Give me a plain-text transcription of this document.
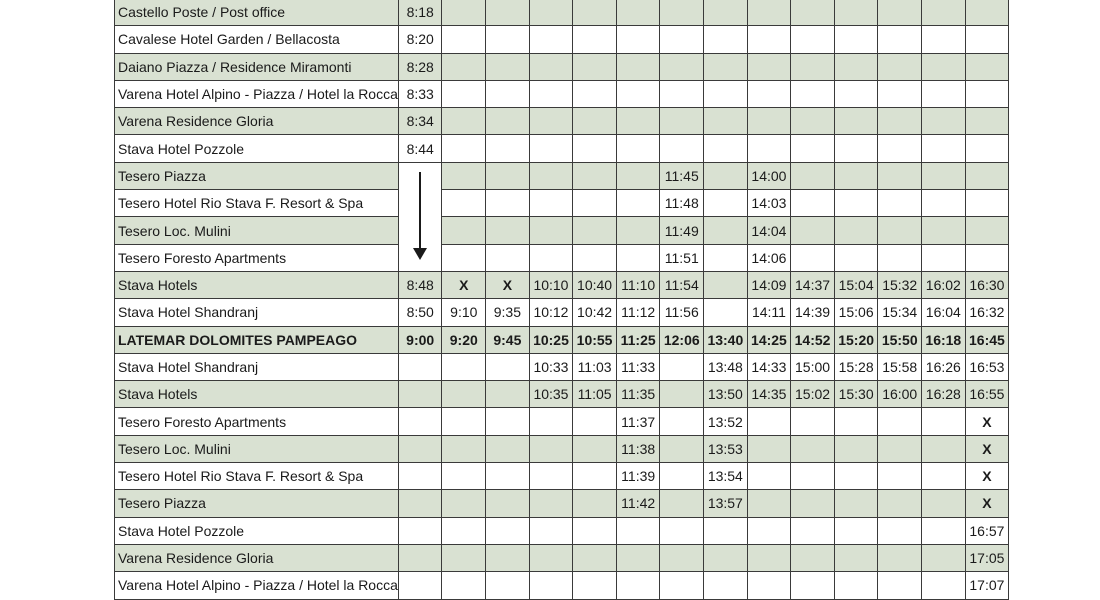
Castello Poste / Post office	8:18													
Cavalese Hotel Garden / Bellacosta	8:20													
Daiano Piazza / Residence Miramonti	8:28													
Varena Hotel Alpino - Piazza / Hotel la Rocca	8:33													
Varena Residence Gloria	8:34													
Stava Hotel Pozzole	8:44													
Tesero Piazza							11:45		14:00					
Tesero Hotel Rio Stava F. Resort & Spa							11:48		14:03					
Tesero Loc. Mulini							11:49		14:04					
Tesero Foresto Apartments							11:51		14:06					
Stava Hotels	8:48	X	X	10:10	10:40	11:10	11:54		14:09	14:37	15:04	15:32	16:02	16:30
Stava Hotel Shandranj	8:50	9:10	9:35	10:12	10:42	11:12	11:56		14:11	14:39	15:06	15:34	16:04	16:32
LATEMAR DOLOMITES PAMPEAGO	9:00	9:20	9:45	10:25	10:55	11:25	12:06	13:40	14:25	14:52	15:20	15:50	16:18	16:45
Stava Hotel Shandranj				10:33	11:03	11:33		13:48	14:33	15:00	15:28	15:58	16:26	16:53
Stava Hotels				10:35	11:05	11:35		13:50	14:35	15:02	15:30	16:00	16:28	16:55
Tesero Foresto Apartments						11:37		13:52						X
Tesero Loc. Mulini						11:38		13:53						X
Tesero Hotel Rio Stava F. Resort & Spa						11:39		13:54						X
Tesero Piazza						11:42		13:57						X
Stava Hotel Pozzole														16:57
Varena Residence Gloria														17:05
Varena Hotel Alpino - Piazza / Hotel la Rocca														17:07
